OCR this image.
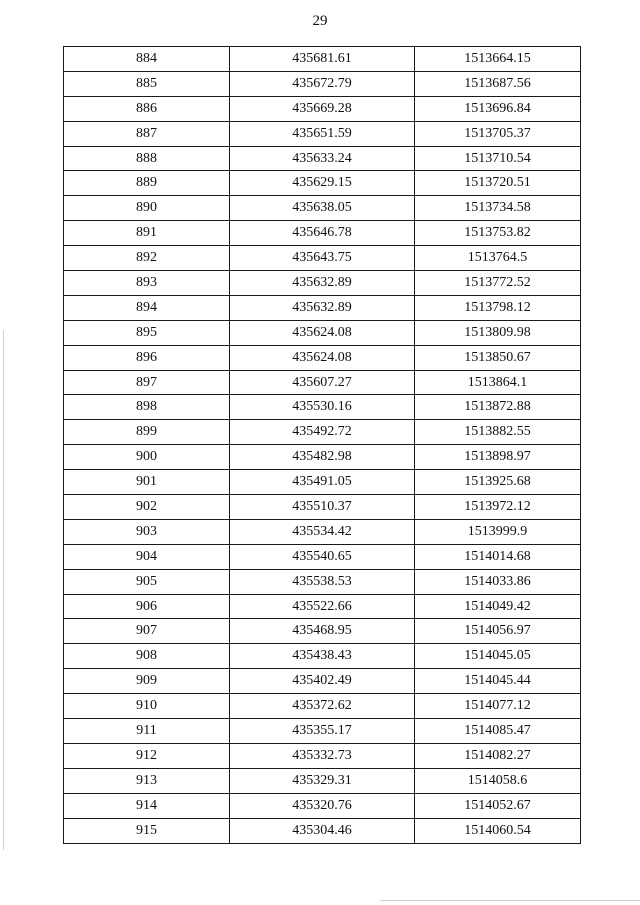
29
884	435681.61	1513664.15
885	435672.79	1513687.56
886	435669.28	1513696.84
887	435651.59	1513705.37
888	435633.24	1513710.54
889	435629.15	1513720.51
890	435638.05	1513734.58
891	435646.78	1513753.82
892	435643.75	1513764.5
893	435632.89	1513772.52
894	435632.89	1513798.12
895	435624.08	1513809.98
896	435624.08	1513850.67
897	435607.27	1513864.1
898	435530.16	1513872.88
899	435492.72	1513882.55
900	435482.98	1513898.97
901	435491.05	1513925.68
902	435510.37	1513972.12
903	435534.42	1513999.9
904	435540.65	1514014.68
905	435538.53	1514033.86
906	435522.66	1514049.42
907	435468.95	1514056.97
908	435438.43	1514045.05
909	435402.49	1514045.44
910	435372.62	1514077.12
911	435355.17	1514085.47
912	435332.73	1514082.27
913	435329.31	1514058.6
914	435320.76	1514052.67
915	435304.46	1514060.54
